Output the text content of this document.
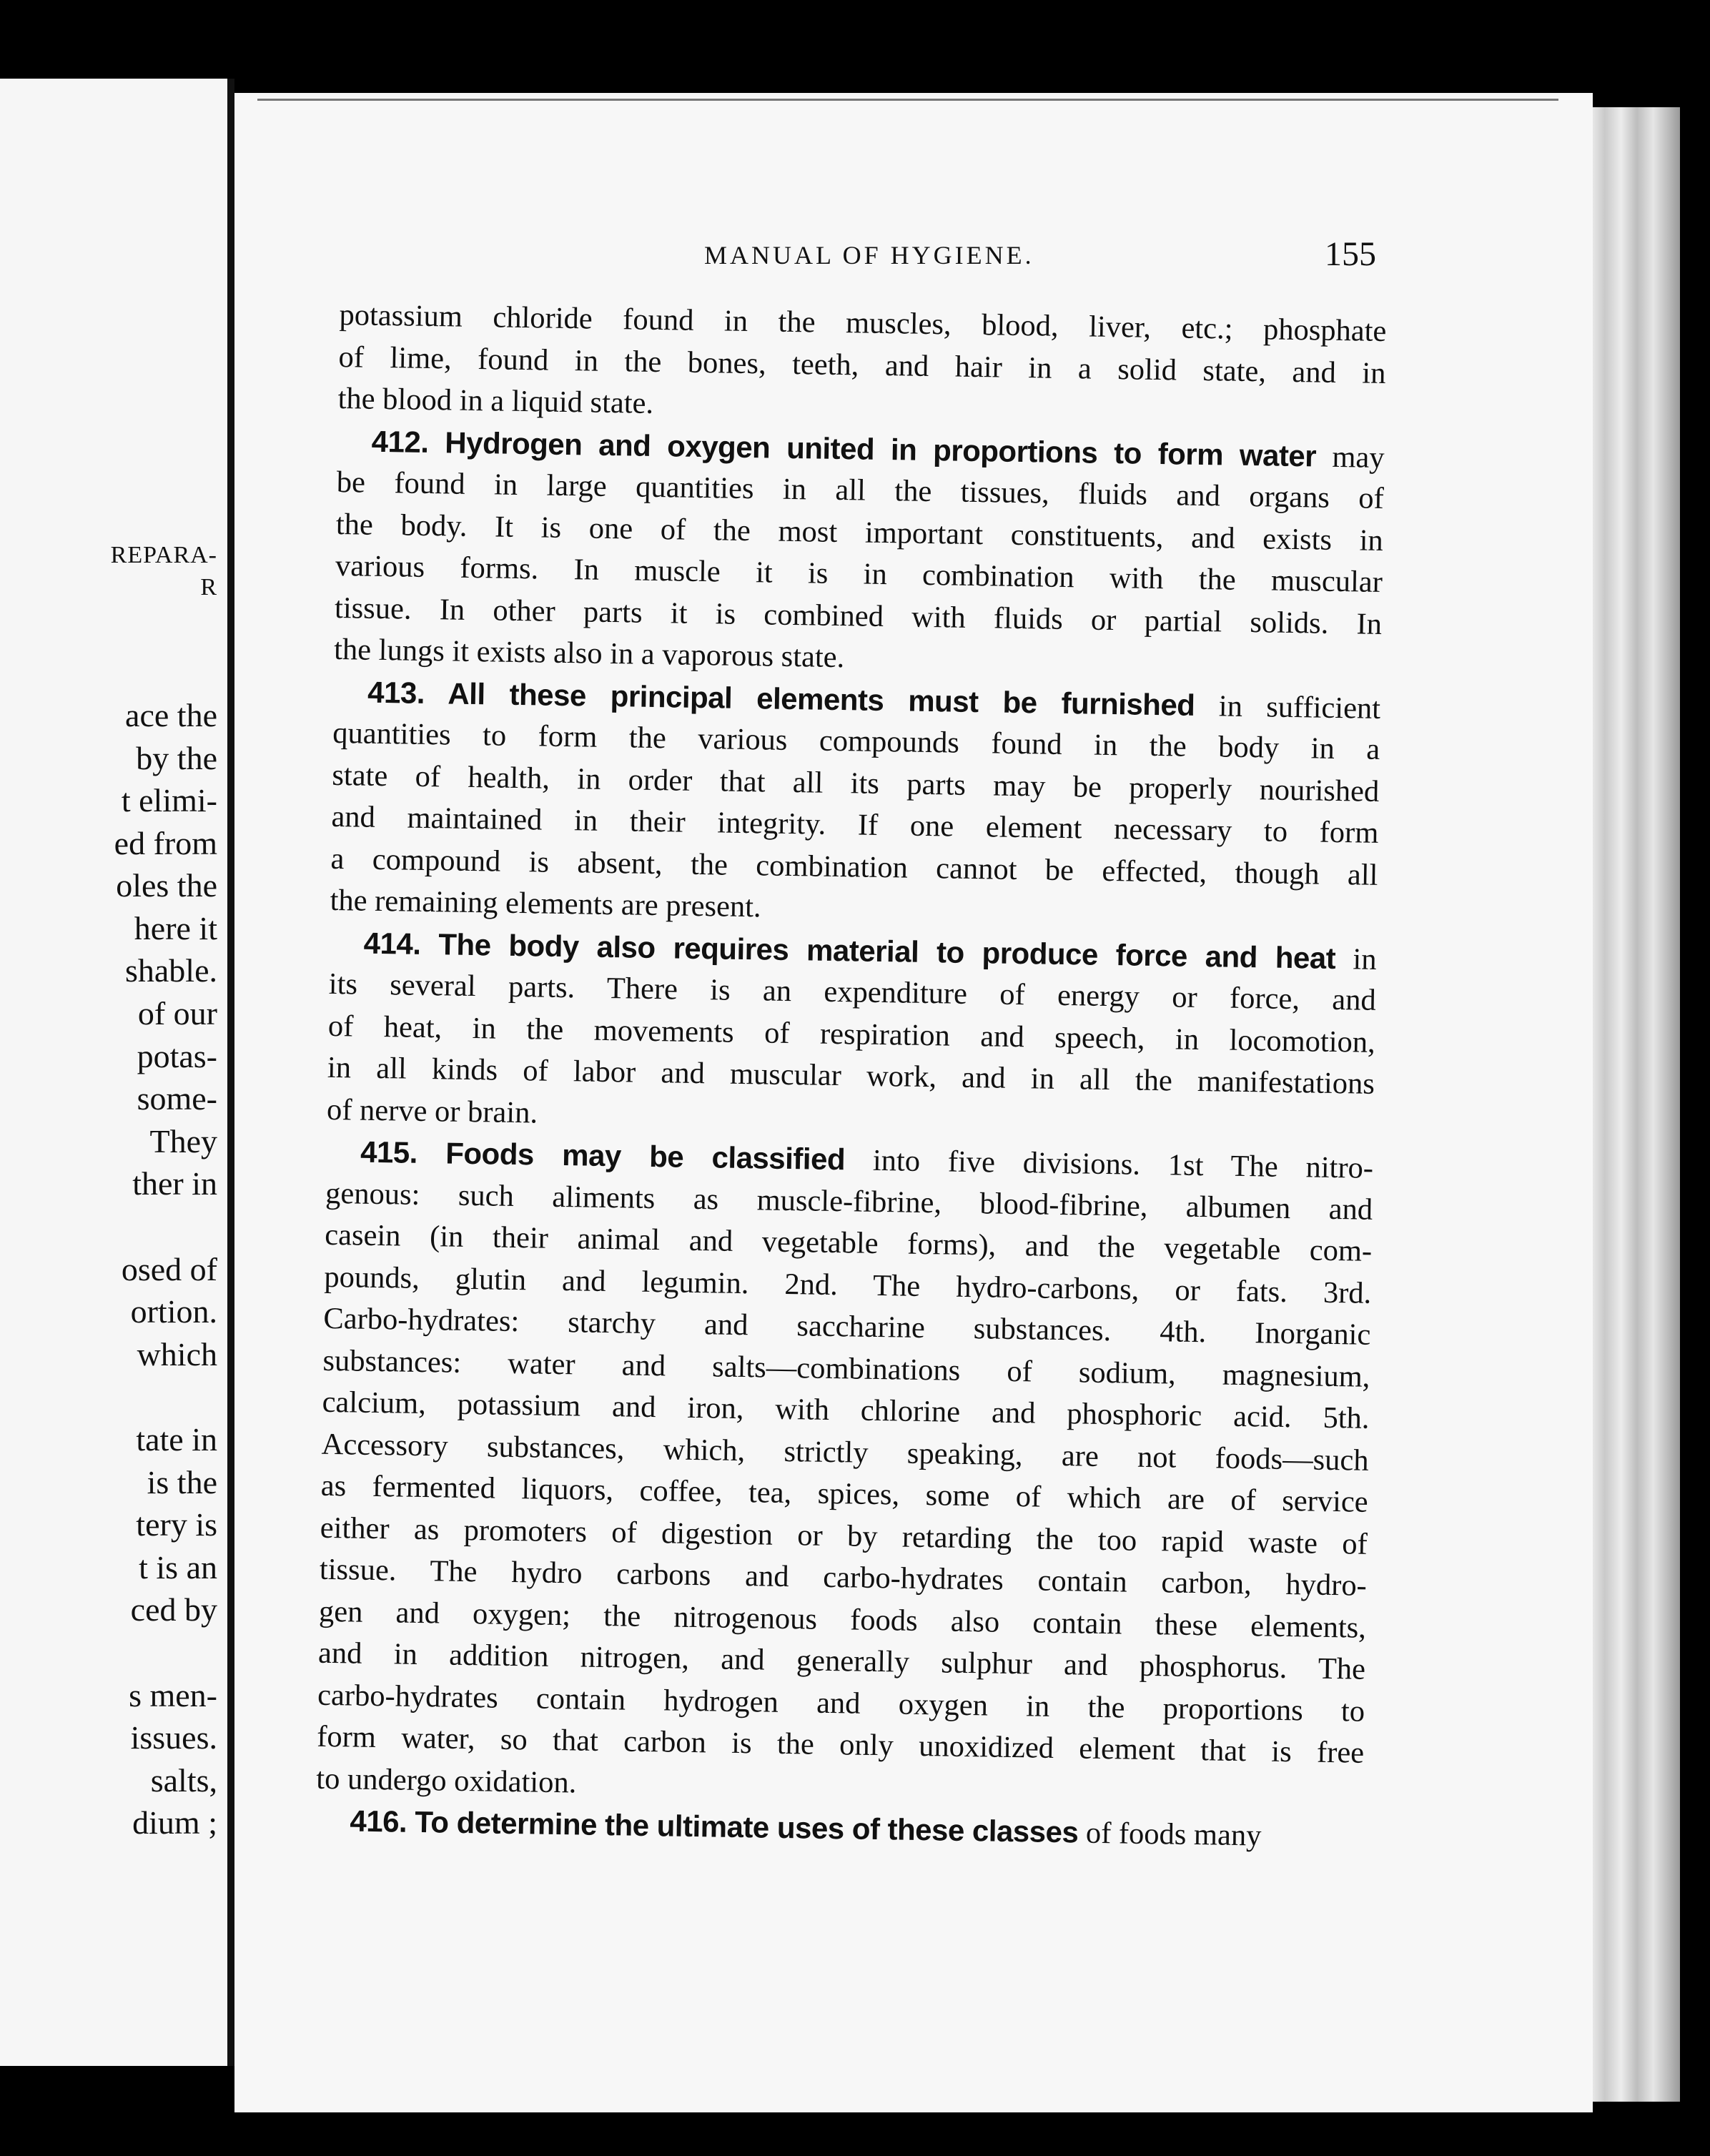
REPARA-
R
ace the
by the
t elimi-
ed from
oles the
here it
shable.
of our
potas-
some-
They
ther in
osed of
ortion.
which
tate in
is the
tery is
t is an
ced by
s men-
issues.
salts,
dium ;
MANUAL OF HYGIENE.	155
potassium chloride found in the muscles, blood, liver, etc.; phosphate
of lime, found in the bones, teeth, and hair in a solid state, and in
the blood in a liquid state.
412. Hydrogen and oxygen united in proportions to form water may
be found in large quantities in all the tissues, fluids and organs of
the body. It is one of the most important constituents, and exists in
various forms. In muscle it is in combination with the muscular
tissue. In other parts it is combined with fluids or partial solids. In
the lungs it exists also in a vaporous state.
413. All these principal elements must be furnished in sufficient
quantities to form the various compounds found in the body in a
state of health, in order that all its parts may be properly nourished
and maintained in their integrity. If one element necessary to form
a compound is absent, the combination cannot be effected, though all
the remaining elements are present.
414. The body also requires material to produce force and heat in
its several parts. There is an expenditure of energy or force, and
of heat, in the movements of respiration and speech, in locomotion,
in all kinds of labor and muscular work, and in all the manifestations
of nerve or brain.
415. Foods may be classified into five divisions. 1st The nitro-
genous: such aliments as muscle-fibrine, blood-fibrine, albumen and
casein (in their animal and vegetable forms), and the vegetable com-
pounds, glutin and legumin. 2nd. The hydro-carbons, or fats. 3rd.
Carbo-hydrates: starchy and saccharine substances. 4th. Inorganic
substances: water and salts—combinations of sodium, magnesium,
calcium, potassium and iron, with chlorine and phosphoric acid. 5th.
Accessory substances, which, strictly speaking, are not foods—such
as fermented liquors, coffee, tea, spices, some of which are of service
either as promoters of digestion or by retarding the too rapid waste of
tissue. The hydro carbons and carbo-hydrates contain carbon, hydro-
gen and oxygen; the nitrogenous foods also contain these elements,
and in addition nitrogen, and generally sulphur and phosphorus. The
carbo-hydrates contain hydrogen and oxygen in the proportions to
form water, so that carbon is the only unoxidized element that is free
to undergo oxidation.
416. To determine the ultimate uses of these classes of foods many
